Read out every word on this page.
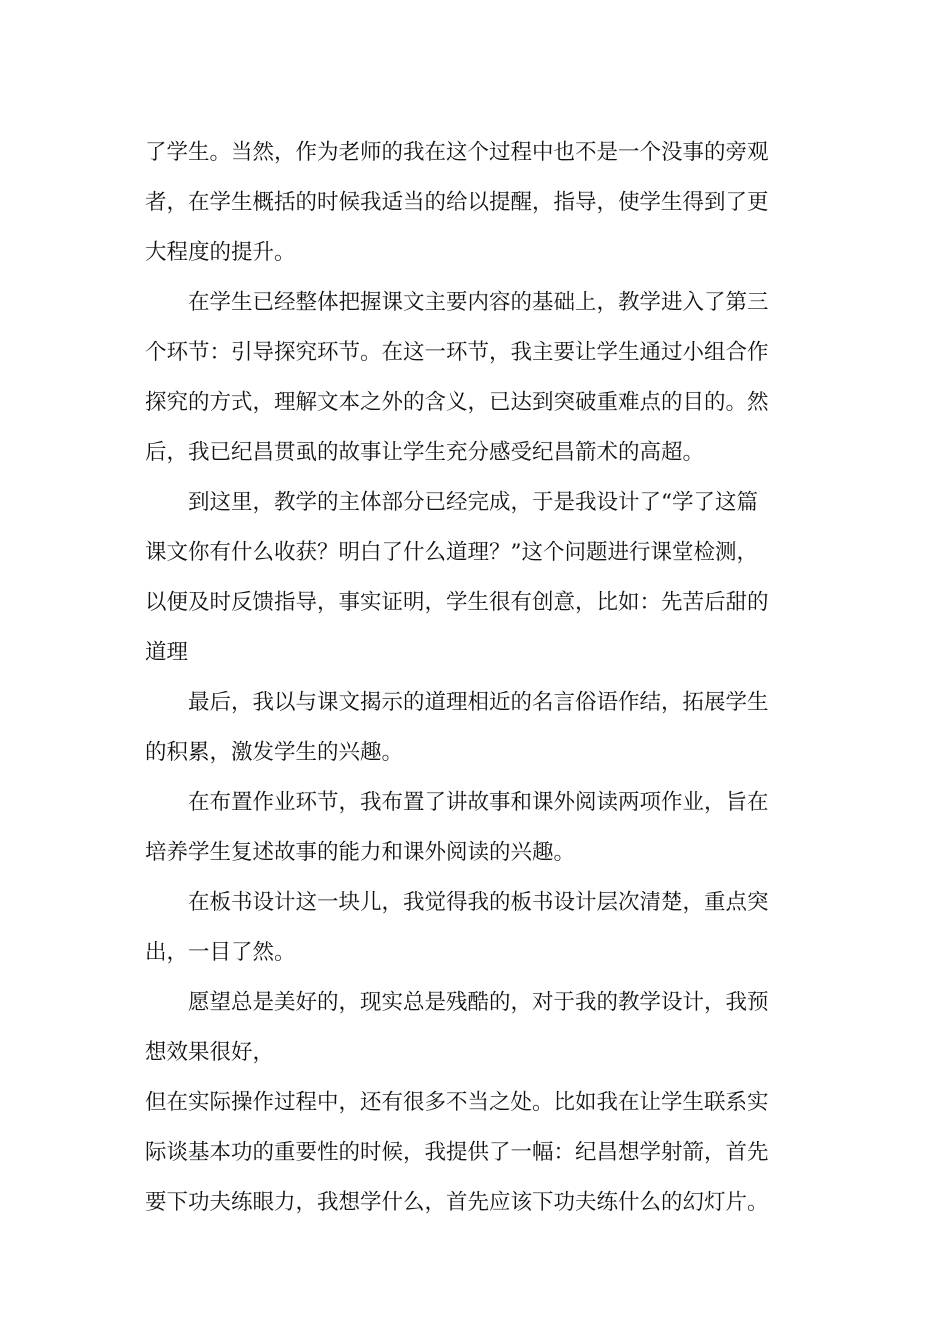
了学生。当然，作为老师的我在这个过程中也不是一个没事的旁观
者，在学生概括的时候我适当的给以提醒，指导，使学生得到了更
大程度的提升。
在学生已经整体把握课文主要内容的基础上，教学进入了第三
个环节：引导探究环节。在这一环节，我主要让学生通过小组合作
探究的方式，理解文本之外的含义，已达到突破重难点的目的。然
后，我已纪昌贯虱的故事让学生充分感受纪昌箭术的高超。
到这里，教学的主体部分已经完成，于是我设计了“学了这篇
课文你有什么收获？明白了什么道理？”这个问题进行课堂检测，
以便及时反馈指导，事实证明，学生很有创意，比如：先苦后甜的
道理
最后，我以与课文揭示的道理相近的名言俗语作结，拓展学生
的积累，激发学生的兴趣。
在布置作业环节，我布置了讲故事和课外阅读两项作业，旨在
培养学生复述故事的能力和课外阅读的兴趣。
在板书设计这一块儿，我觉得我的板书设计层次清楚，重点突
出，一目了然。
愿望总是美好的，现实总是残酷的，对于我的教学设计，我预
想效果很好，
但在实际操作过程中，还有很多不当之处。比如我在让学生联系实
际谈基本功的重要性的时候，我提供了一幅：纪昌想学射箭，首先
要下功夫练眼力，我想学什么，首先应该下功夫练什么的幻灯片。
